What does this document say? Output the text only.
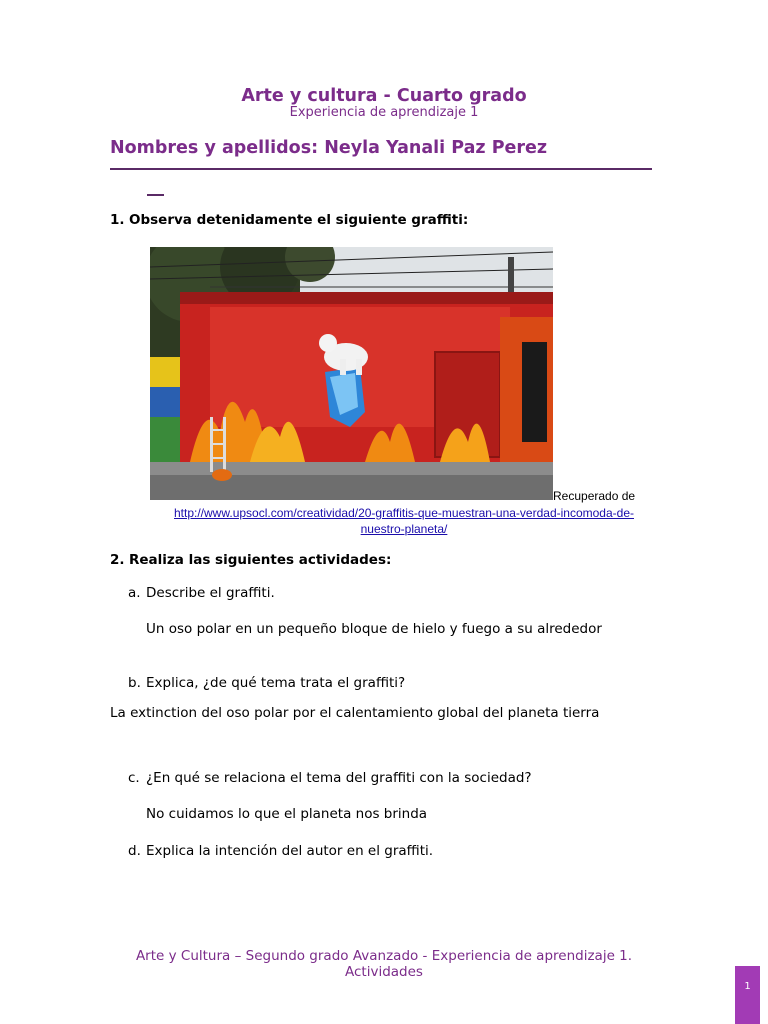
Arte y cultura - Cuarto grado
Experiencia de aprendizaje 1
Nombres y apellidos: Neyla Yanali Paz Perez
1. Observa detenidamente el siguiente graffiti:
Recuperado de
http://www.upsocl.com/creatividad/20-graffitis-que-muestran-una-verdad-incomoda-de-
nuestro-planeta/
2. Realiza las siguientes actividades:
a. Describe el graffiti.
Un oso polar en un pequeño bloque de hielo y fuego a su alrededor
b. Explica, ¿de qué tema trata el graffiti?
La extinction del oso polar por el calentamiento global del planeta tierra
c. ¿En qué se relaciona el tema del graffiti con la sociedad?
No cuidamos lo que el planeta nos brinda
d. Explica la intención del autor en el graffiti.
Arte y Cultura – Segundo grado Avanzado - Experiencia de aprendizaje 1.
Actividades
1
